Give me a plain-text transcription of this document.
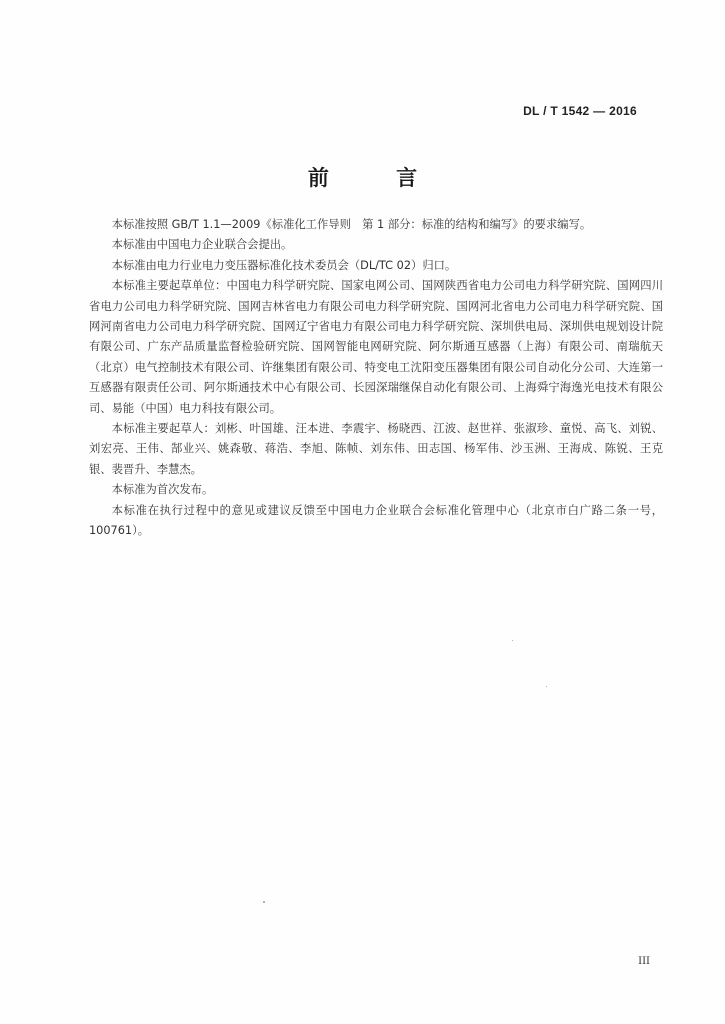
DL / T 1542 — 2016
前 言

本标准按照 GB/T 1.1—2009《标准化工作导则　第 1 部分：标准的结构和编写》的要求编写。

本标准由中国电力企业联合会提出。

本标准由电力行业电力变压器标准化技术委员会（DL/TC 02）归口。

本标准主要起草单位：中国电力科学研究院、国家电网公司、国网陕西省电力公司电力科学研究院、国网四川省电力公司电力科学研究院、国网吉林省电力有限公司电力科学研究院、国网河北省电力公司电力科学研究院、国网河南省电力公司电力科学研究院、国网辽宁省电力有限公司电力科学研究院、深圳供电局、深圳供电规划设计院有限公司、广东产品质量监督检验研究院、国网智能电网研究院、阿尔斯通互感器（上海）有限公司、南瑞航天（北京）电气控制技术有限公司、许继集团有限公司、特变电工沈阳变压器集团有限公司自动化分公司、大连第一互感器有限责任公司、阿尔斯通技术中心有限公司、长园深瑞继保自动化有限公司、上海舜宁海逸光电技术有限公司、易能（中国）电力科技有限公司。

本标准主要起草人：刘彬、叶国雄、汪本进、李震宇、杨晓西、江波、赵世祥、张淑珍、童悦、高飞、刘锐、刘宏亮、王伟、郜业兴、姚森敬、蒋浩、李旭、陈帧、刘东伟、田志国、杨军伟、沙玉洲、王海成、陈锐、王克银、裴晋升、李慧杰。

本标准为首次发布。

本标准在执行过程中的意见或建议反馈至中国电力企业联合会标准化管理中心（北京市白广路二条一号，100761）。

III
